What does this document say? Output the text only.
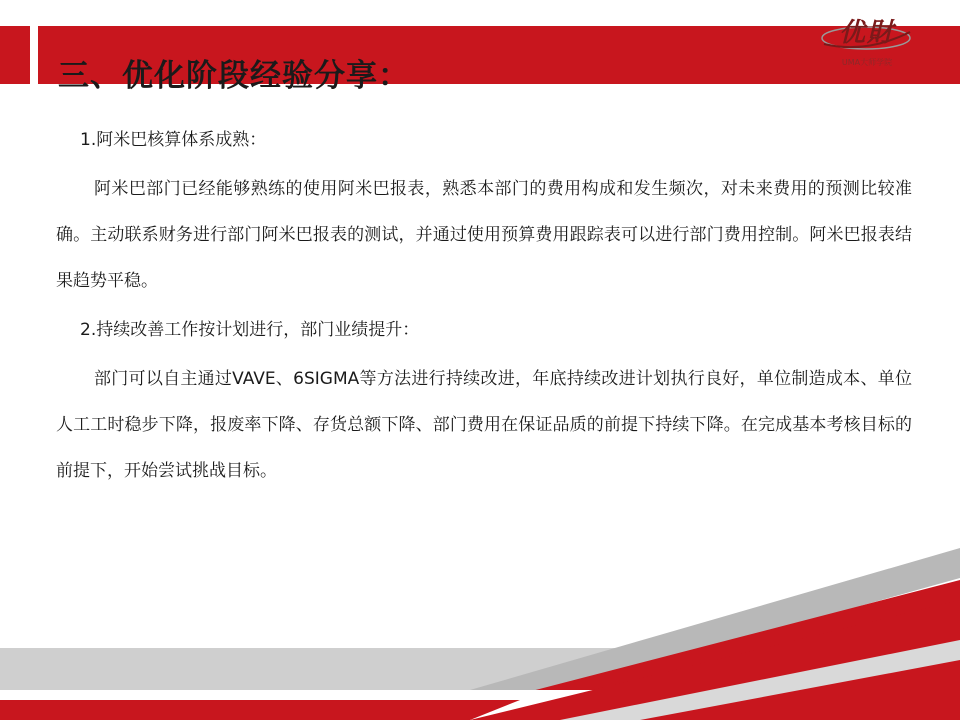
三、优化阶段经验分享：
优財
UMA大师学院

1.阿米巴核算体系成熟：

阿米巴部门已经能够熟练的使用阿米巴报表，熟悉本部门的费用构成和发生频次，对未来费用的预测比较准确。主动联系财务进行部门阿米巴报表的测试，并通过使用预算费用跟踪表可以进行部门费用控制。阿米巴报表结果趋势平稳。

2.持续改善工作按计划进行，部门业绩提升：

部门可以自主通过VAVE、6SIGMA等方法进行持续改进，年底持续改进计划执行良好，单位制造成本、单位人工工时稳步下降，报废率下降、存货总额下降、部门费用在保证品质的前提下持续下降。在完成基本考核目标的前提下，开始尝试挑战目标。
